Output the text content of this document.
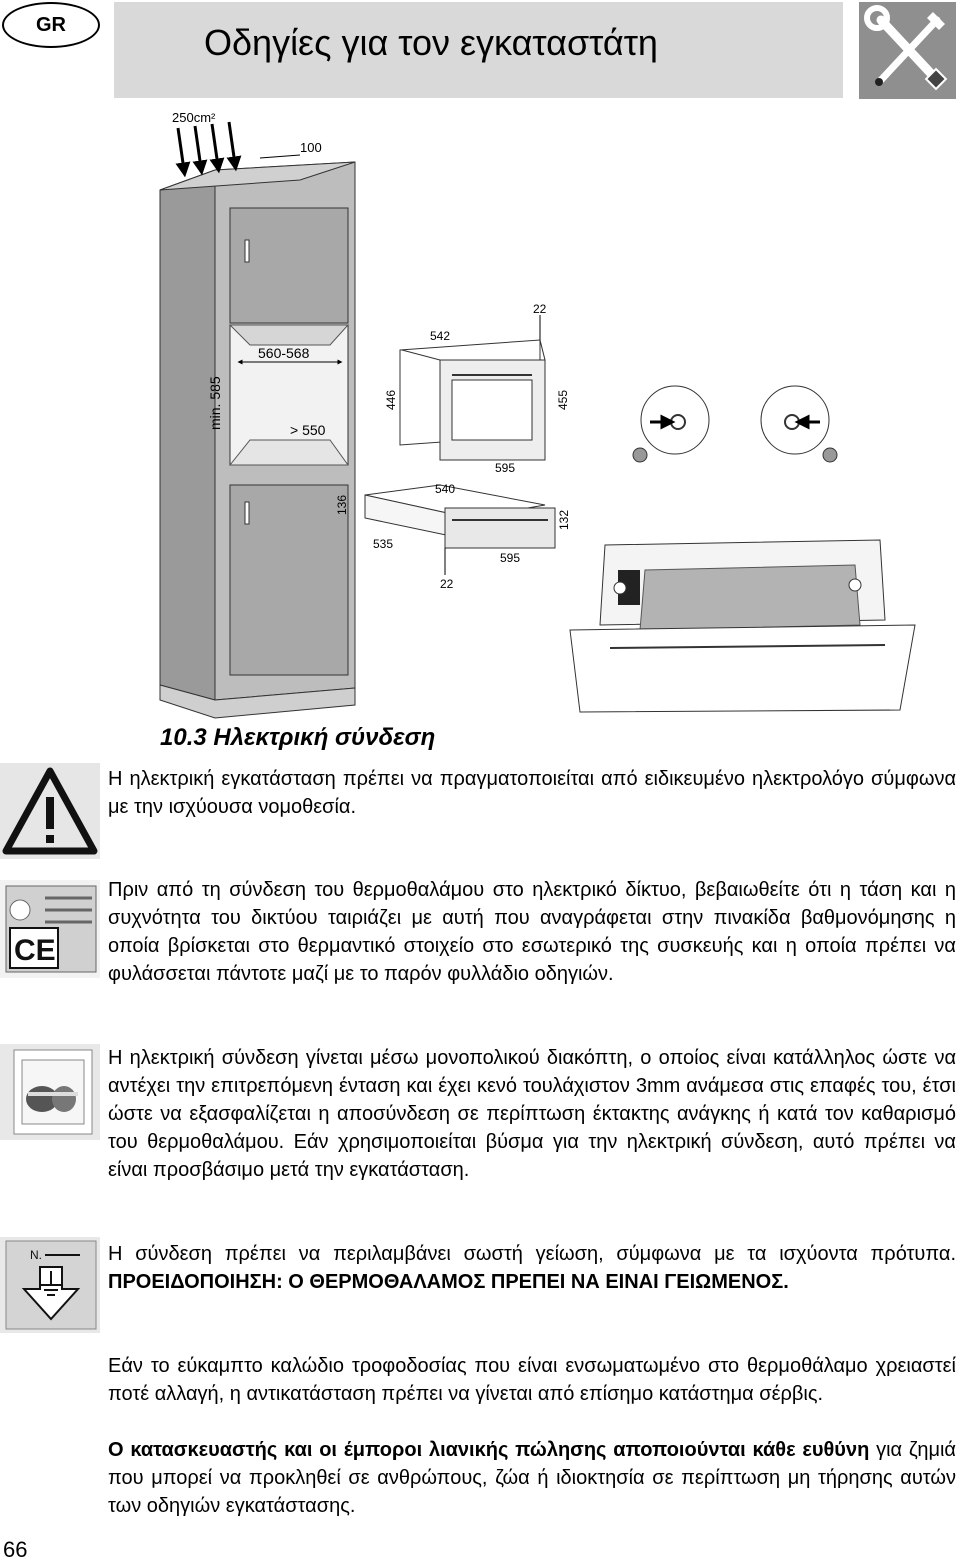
GR	Οδηγίες για τον εγκαταστάτη
250cm²
100
560-568
min. 585	> 550
542
446	455
595
22
540
136
535
595
132
22
10.3 Ηλεκτρική σύνδεση
Η ηλεκτρική εγκατάσταση πρέπει να πραγματοποιείται από ειδικευμένο ηλεκτρολόγο σύμφωνα με την ισχύουσα νομοθεσία.
CE
Πριν από τη σύνδεση του θερμοθαλάμου στο ηλεκτρικό δίκτυο, βεβαιωθείτε ότι η τάση και η συχνότητα του δικτύου ταιριάζει με αυτή που αναγράφεται στην πινακίδα βαθμονόμησης η οποία βρίσκεται στο θερμαντικό στοιχείο στο εσωτερικό της συσκευής και η οποία πρέπει να φυλάσσεται πάντοτε μαζί με το παρόν φυλλάδιο οδηγιών.
Η ηλεκτρική σύνδεση γίνεται μέσω μονοπολικού διακόπτη, ο οποίος είναι κατάλληλος ώστε να αντέχει την επιτρεπόμενη ένταση και έχει κενό τουλάχιστον 3mm ανάμεσα στις επαφές του, έτσι ώστε να εξασφαλίζεται η αποσύνδεση σε περίπτωση έκτακτης ανάγκης ή κατά τον καθαρισμό του θερμοθαλάμου. Εάν χρησιμοποιείται βύσμα για την ηλεκτρική σύνδεση, αυτό πρέπει να είναι προσβάσιμο μετά την εγκατάσταση.
N.	Η σύνδεση πρέπει να περιλαμβάνει σωστή γείωση, σύμφωνα με τα ισχύοντα πρότυπα. ΠΡΟΕΙΔΟΠΟΙΗΣΗ: Ο ΘΕΡΜΟΘΑΛΑΜΟΣ ΠΡΕΠΕΙ ΝΑ ΕΙΝΑΙ ΓΕΙΩΜΕΝΟΣ.
Εάν το εύκαμπτο καλώδιο τροφοδοσίας που είναι ενσωματωμένο στο θερμοθάλαμο χρειαστεί ποτέ αλλαγή, η αντικατάσταση πρέπει να γίνεται από επίσημο κατάστημα σέρβις.
Ο κατασκευαστής και οι έμποροι λιανικής πώλησης αποποιούνται κάθε ευθύνη για ζημιά που μπορεί να προκληθεί σε ανθρώπους, ζώα ή ιδιοκτησία σε περίπτωση μη τήρησης αυτών των οδηγιών εγκατάστασης.
66
